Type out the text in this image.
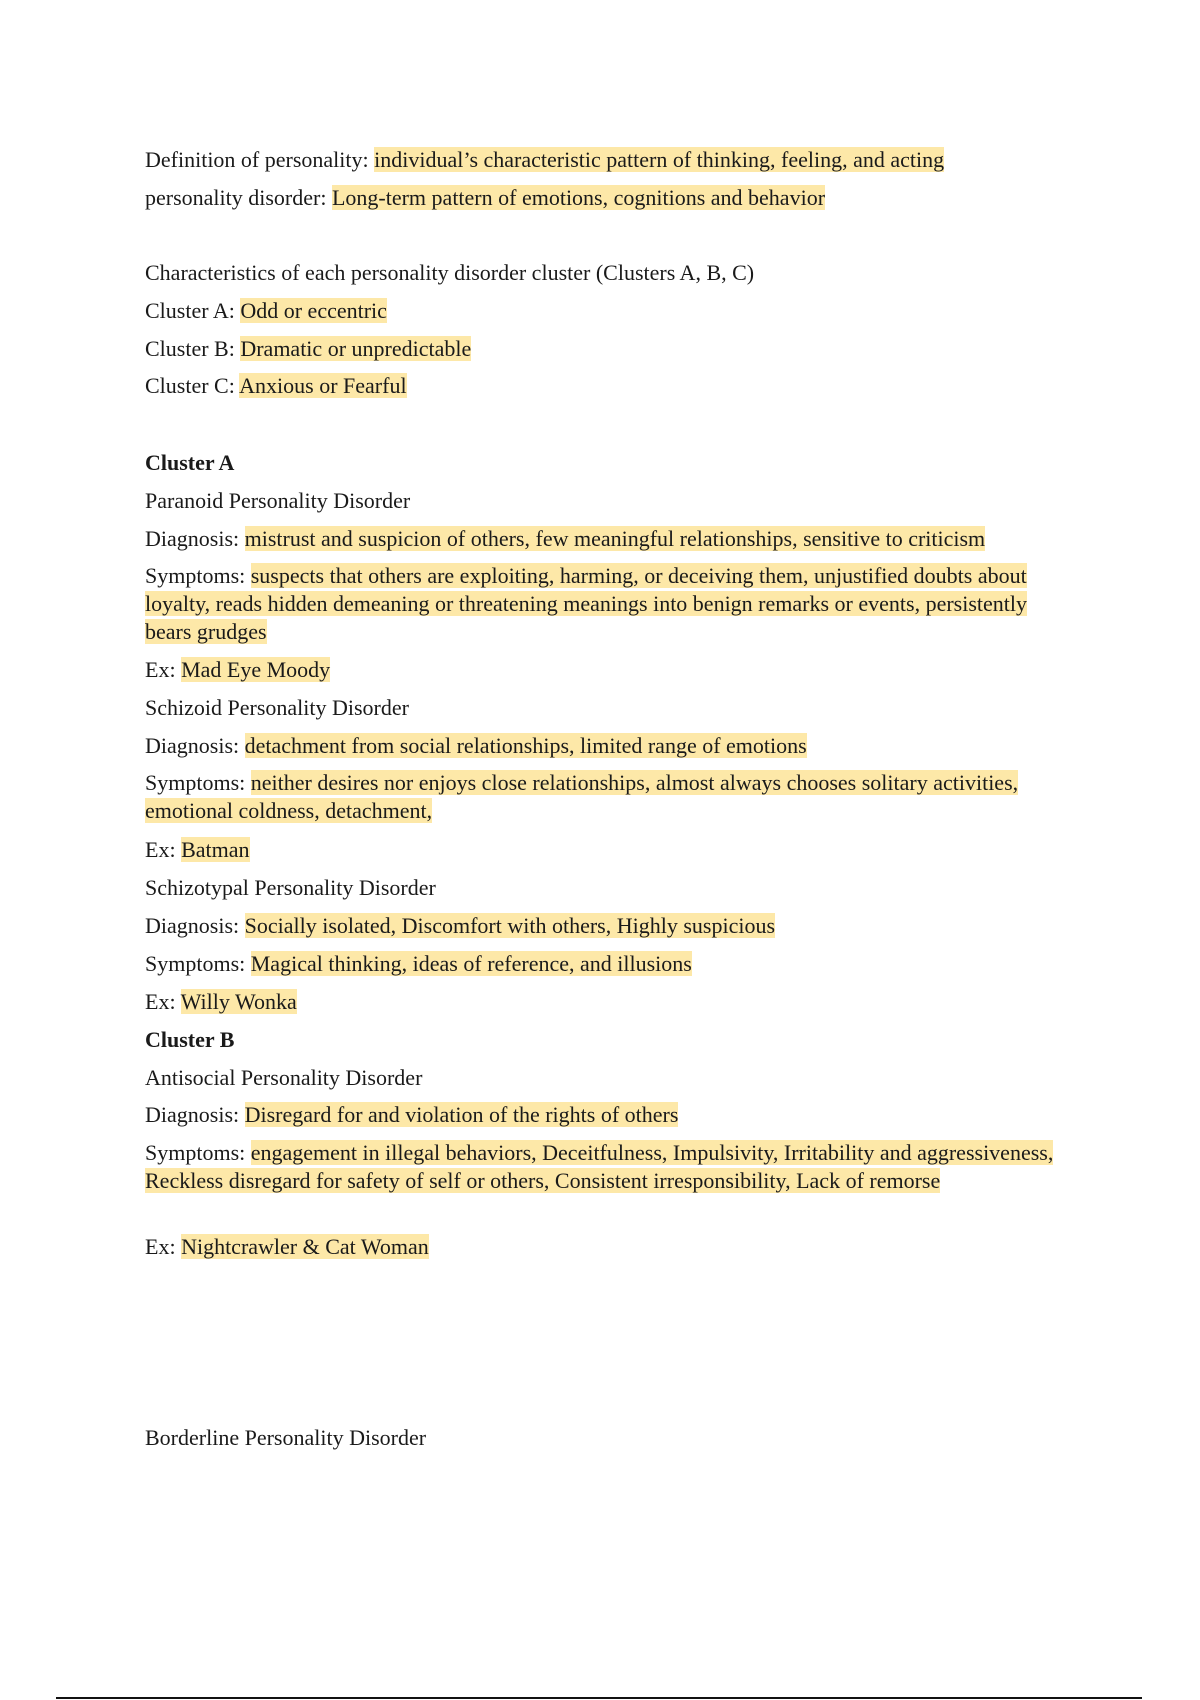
Definition of personality: individual’s characteristic pattern of thinking, feeling, and acting
personality disorder: Long-term pattern of emotions, cognitions and behavior
Characteristics of each personality disorder cluster (Clusters A, B, C)
Cluster A: Odd or eccentric
Cluster B: Dramatic or unpredictable
Cluster C: Anxious or Fearful
Cluster A
Paranoid Personality Disorder
Diagnosis: mistrust and suspicion of others, few meaningful relationships, sensitive to criticism
Symptoms: suspects that others are exploiting, harming, or deceiving them, unjustified doubts about loyalty, reads hidden demeaning or threatening meanings into benign remarks or events, persistently bears grudges
Ex: Mad Eye Moody
Schizoid Personality Disorder
Diagnosis: detachment from social relationships, limited range of emotions
Symptoms: neither desires nor enjoys close relationships, almost always chooses solitary activities, emotional coldness, detachment,
Ex: Batman
Schizotypal Personality Disorder
Diagnosis: Socially isolated, Discomfort with others, Highly suspicious
Symptoms: Magical thinking, ideas of reference, and illusions
Ex: Willy Wonka
Cluster B
Antisocial Personality Disorder
Diagnosis: Disregard for and violation of the rights of others
Symptoms: engagement in illegal behaviors, Deceitfulness, Impulsivity, Irritability and aggressiveness, Reckless disregard for safety of self or others, Consistent irresponsibility, Lack of remorse
Ex: Nightcrawler & Cat Woman
Borderline Personality Disorder
